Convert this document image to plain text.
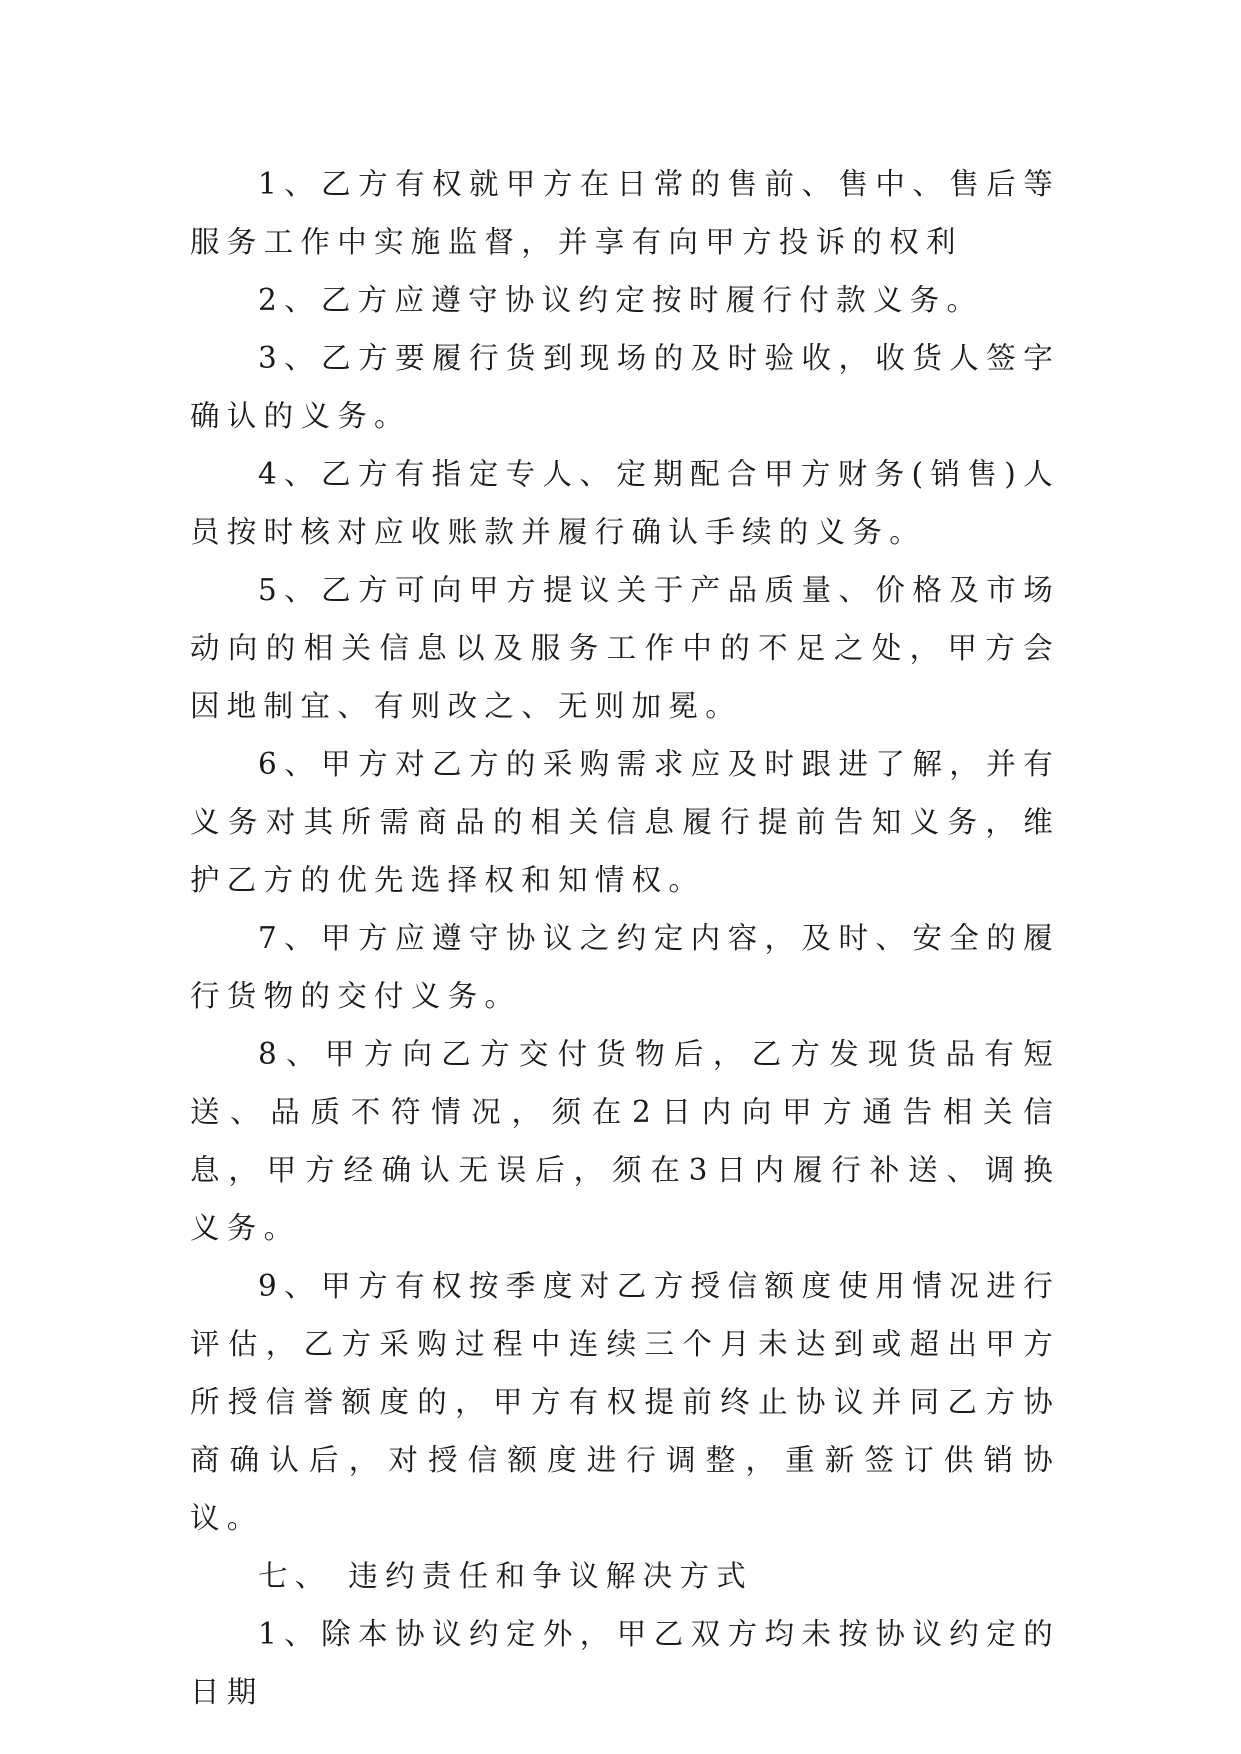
1、乙方有权就甲方在日常的售前、售中、售后等服务工作中实施监督，并享有向甲方投诉的权利

2、乙方应遵守协议约定按时履行付款义务。

3、乙方要履行货到现场的及时验收，收货人签字确认的义务。

4、乙方有指定专人、定期配合甲方财务(销售)人员按时核对应收账款并履行确认手续的义务。

5、乙方可向甲方提议关于产品质量、价格及市场动向的相关信息以及服务工作中的不足之处，甲方会因地制宜、有则改之、无则加冕。

6、甲方对乙方的采购需求应及时跟进了解，并有义务对其所需商品的相关信息履行提前告知义务，维护乙方的优先选择权和知情权。

7、甲方应遵守协议之约定内容，及时、安全的履行货物的交付义务。

8、甲方向乙方交付货物后，乙方发现货品有短送、品质不符情况，须在2日内向甲方通告相关信息，甲方经确认无误后，须在3日内履行补送、调换义务。

9、甲方有权按季度对乙方授信额度使用情况进行评估，乙方采购过程中连续三个月未达到或超出甲方所授信誉额度的，甲方有权提前终止协议并同乙方协商确认后，对授信额度进行调整，重新签订供销协议。

七、 违约责任和争议解决方式

1、除本协议约定外，甲乙双方均未按协议约定的日期
